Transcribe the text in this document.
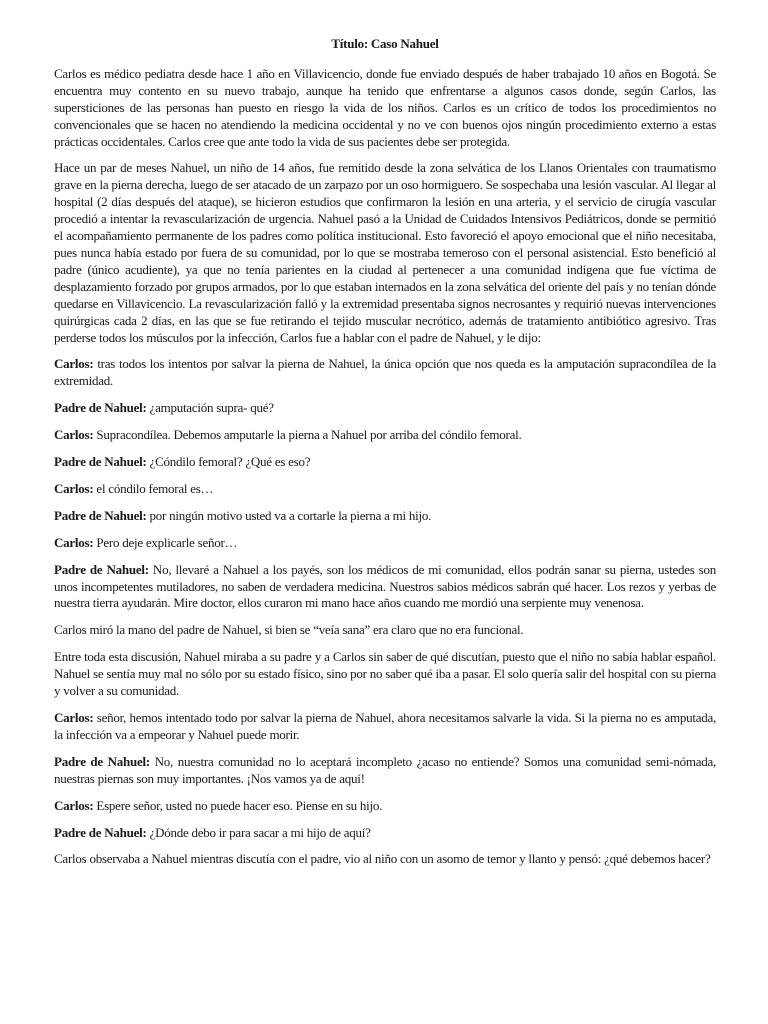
Título: Caso Nahuel

Carlos es médico pediatra desde hace 1 año en Villavicencio, donde fue enviado después de haber trabajado 10 años en Bogotá. Se encuentra muy contento en su nuevo trabajo, aunque ha tenido que enfrentarse a algunos casos donde, según Carlos, las supersticiones de las personas han puesto en riesgo la vida de los niños. Carlos es un crítico de todos los procedimientos no convencionales que se hacen no atendiendo la medicina occidental y no ve con buenos ojos ningún procedimiento externo a estas prácticas occidentales. Carlos cree que ante todo la vida de sus pacientes debe ser protegida.

Hace un par de meses Nahuel, un niño de 14 años, fue remitido desde la zona selvática de los Llanos Orientales con traumatismo grave en la pierna derecha, luego de ser atacado de un zarpazo por un oso hormiguero. Se sospechaba una lesión vascular. Al llegar al hospital (2 días después del ataque), se hicieron estudios que confirmaron la lesión en una arteria, y el servicio de cirugía vascular procedió a intentar la revascularización de urgencia. Nahuel pasó a la Unidad de Cuidados Intensivos Pediátricos, donde se permitió el acompañamiento permanente de los padres como política institucional. Esto favoreció el apoyo emocional que el niño necesitaba, pues nunca había estado por fuera de su comunidad, por lo que se mostraba temeroso con el personal asistencial. Esto benefició al padre (único acudiente), ya que no tenía parientes en la ciudad al pertenecer a una comunidad indígena que fue víctima de desplazamiento forzado por grupos armados, por lo que estaban internados en la zona selvática del oriente del país y no tenían dónde quedarse en Villavicencio. La revascularización falló y la extremidad presentaba signos necrosantes y requirió nuevas intervenciones quirúrgicas cada 2 días, en las que se fue retirando el tejido muscular necrótico, además de tratamiento antibiótico agresivo. Tras perderse todos los músculos por la infección, Carlos fue a hablar con el padre de Nahuel, y le dijo:

Carlos: tras todos los intentos por salvar la pierna de Nahuel, la única opción que nos queda es la amputación supracondílea de la extremidad.

Padre de Nahuel: ¿amputación supra- qué?

Carlos: Supracondílea. Debemos amputarle la pierna a Nahuel por arriba del cóndilo femoral.

Padre de Nahuel: ¿Cóndilo femoral? ¿Qué es eso?

Carlos: el cóndilo femoral es…

Padre de Nahuel: por ningún motivo usted va a cortarle la pierna a mi hijo.

Carlos: Pero deje explicarle señor…

Padre de Nahuel: No, llevaré a Nahuel a los payés, son los médicos de mi comunidad, ellos podrán sanar su pierna, ustedes son unos incompetentes mutiladores, no saben de verdadera medicina. Nuestros sabios médicos sabrán qué hacer. Los rezos y yerbas de nuestra tierra ayudarán. Mire doctor, ellos curaron mi mano hace años cuando me mordió una serpiente muy venenosa.

Carlos miró la mano del padre de Nahuel, si bien se “veía sana” era claro que no era funcional.

Entre toda esta discusión, Nahuel miraba a su padre y a Carlos sin saber de qué discutían, puesto que el niño no sabía hablar español. Nahuel se sentía muy mal no sólo por su estado físico, sino por no saber qué iba a pasar. El solo quería salir del hospital con su pierna y volver a su comunidad.

Carlos: señor, hemos intentado todo por salvar la pierna de Nahuel, ahora necesitamos salvarle la vida. Si la pierna no es amputada, la infección va a empeorar y Nahuel puede morir.

Padre de Nahuel: No, nuestra comunidad no lo aceptará incompleto ¿acaso no entiende? Somos una comunidad semi-nómada, nuestras piernas son muy importantes. ¡Nos vamos ya de aquí!

Carlos: Espere señor, usted no puede hacer eso. Piense en su hijo.

Padre de Nahuel: ¿Dónde debo ir para sacar a mi hijo de aquí?

Carlos observaba a Nahuel mientras discutía con el padre, vio al niño con un asomo de temor y llanto y pensó: ¿qué debemos hacer?
